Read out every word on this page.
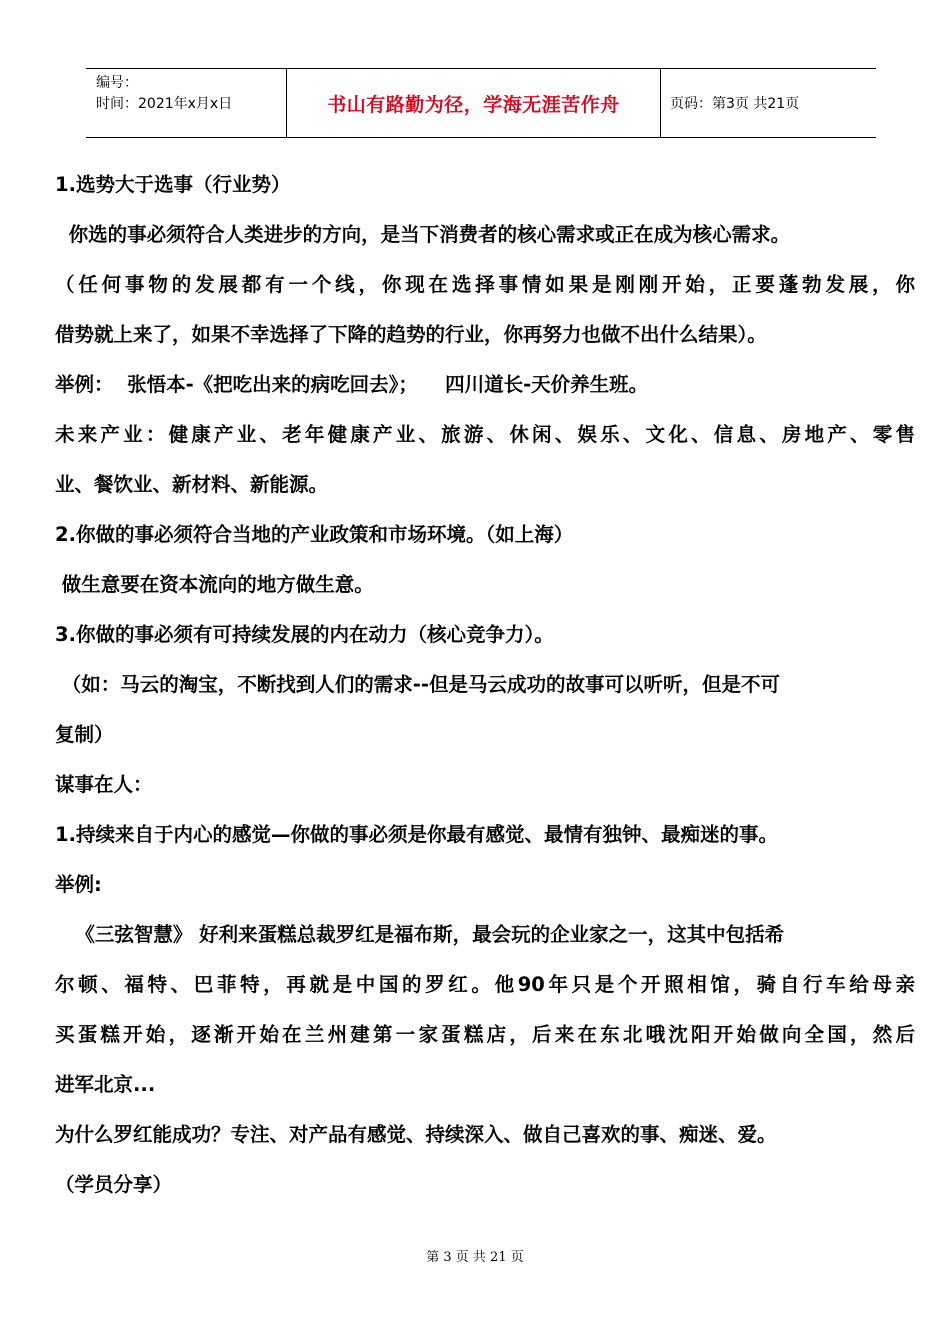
编号：
时间：2021年x月x日	书山有路勤为径，学海无涯苦作舟	页码：第3页 共21页
1.选势大于选事（行业势）
你选的事必须符合人类进步的方向，是当下消费者的核心需求或正在成为核心需求。
（任何事物的发展都有一个线，你现在选择事情如果是刚刚开始，正要蓬勃发展，你
借势就上来了，如果不幸选择了下降的趋势的行业，你再努力也做不出什么结果）。
举例：  张悟本-《把吃出来的病吃回去》；    四川道长-天价养生班。
未来产业：健康产业、老年健康产业、旅游、休闲、娱乐、文化、信息、房地产、零售
业、餐饮业、新材料、新能源。
2.你做的事必须符合当地的产业政策和市场环境。（如上海）
做生意要在资本流向的地方做生意。
3.你做的事必须有可持续发展的内在动力（核心竞争力）。
（如：马云的淘宝，不断找到人们的需求--但是马云成功的故事可以听听，但是不可
复制）
谋事在人：
1.持续来自于内心的感觉—你做的事必须是你最有感觉、最情有独钟、最痴迷的事。
举例:
《三弦智慧》 好利来蛋糕总裁罗红是福布斯，最会玩的企业家之一，这其中包括希
尔顿、福特、巴菲特，再就是中国的罗红。他90年只是个开照相馆，骑自行车给母亲
买蛋糕开始，逐渐开始在兰州建第一家蛋糕店，后来在东北哦沈阳开始做向全国，然后
进军北京...
为什么罗红能成功？专注、对产品有感觉、持续深入、做自己喜欢的事、痴迷、爱。
（学员分享）
第 3 页 共 21 页
